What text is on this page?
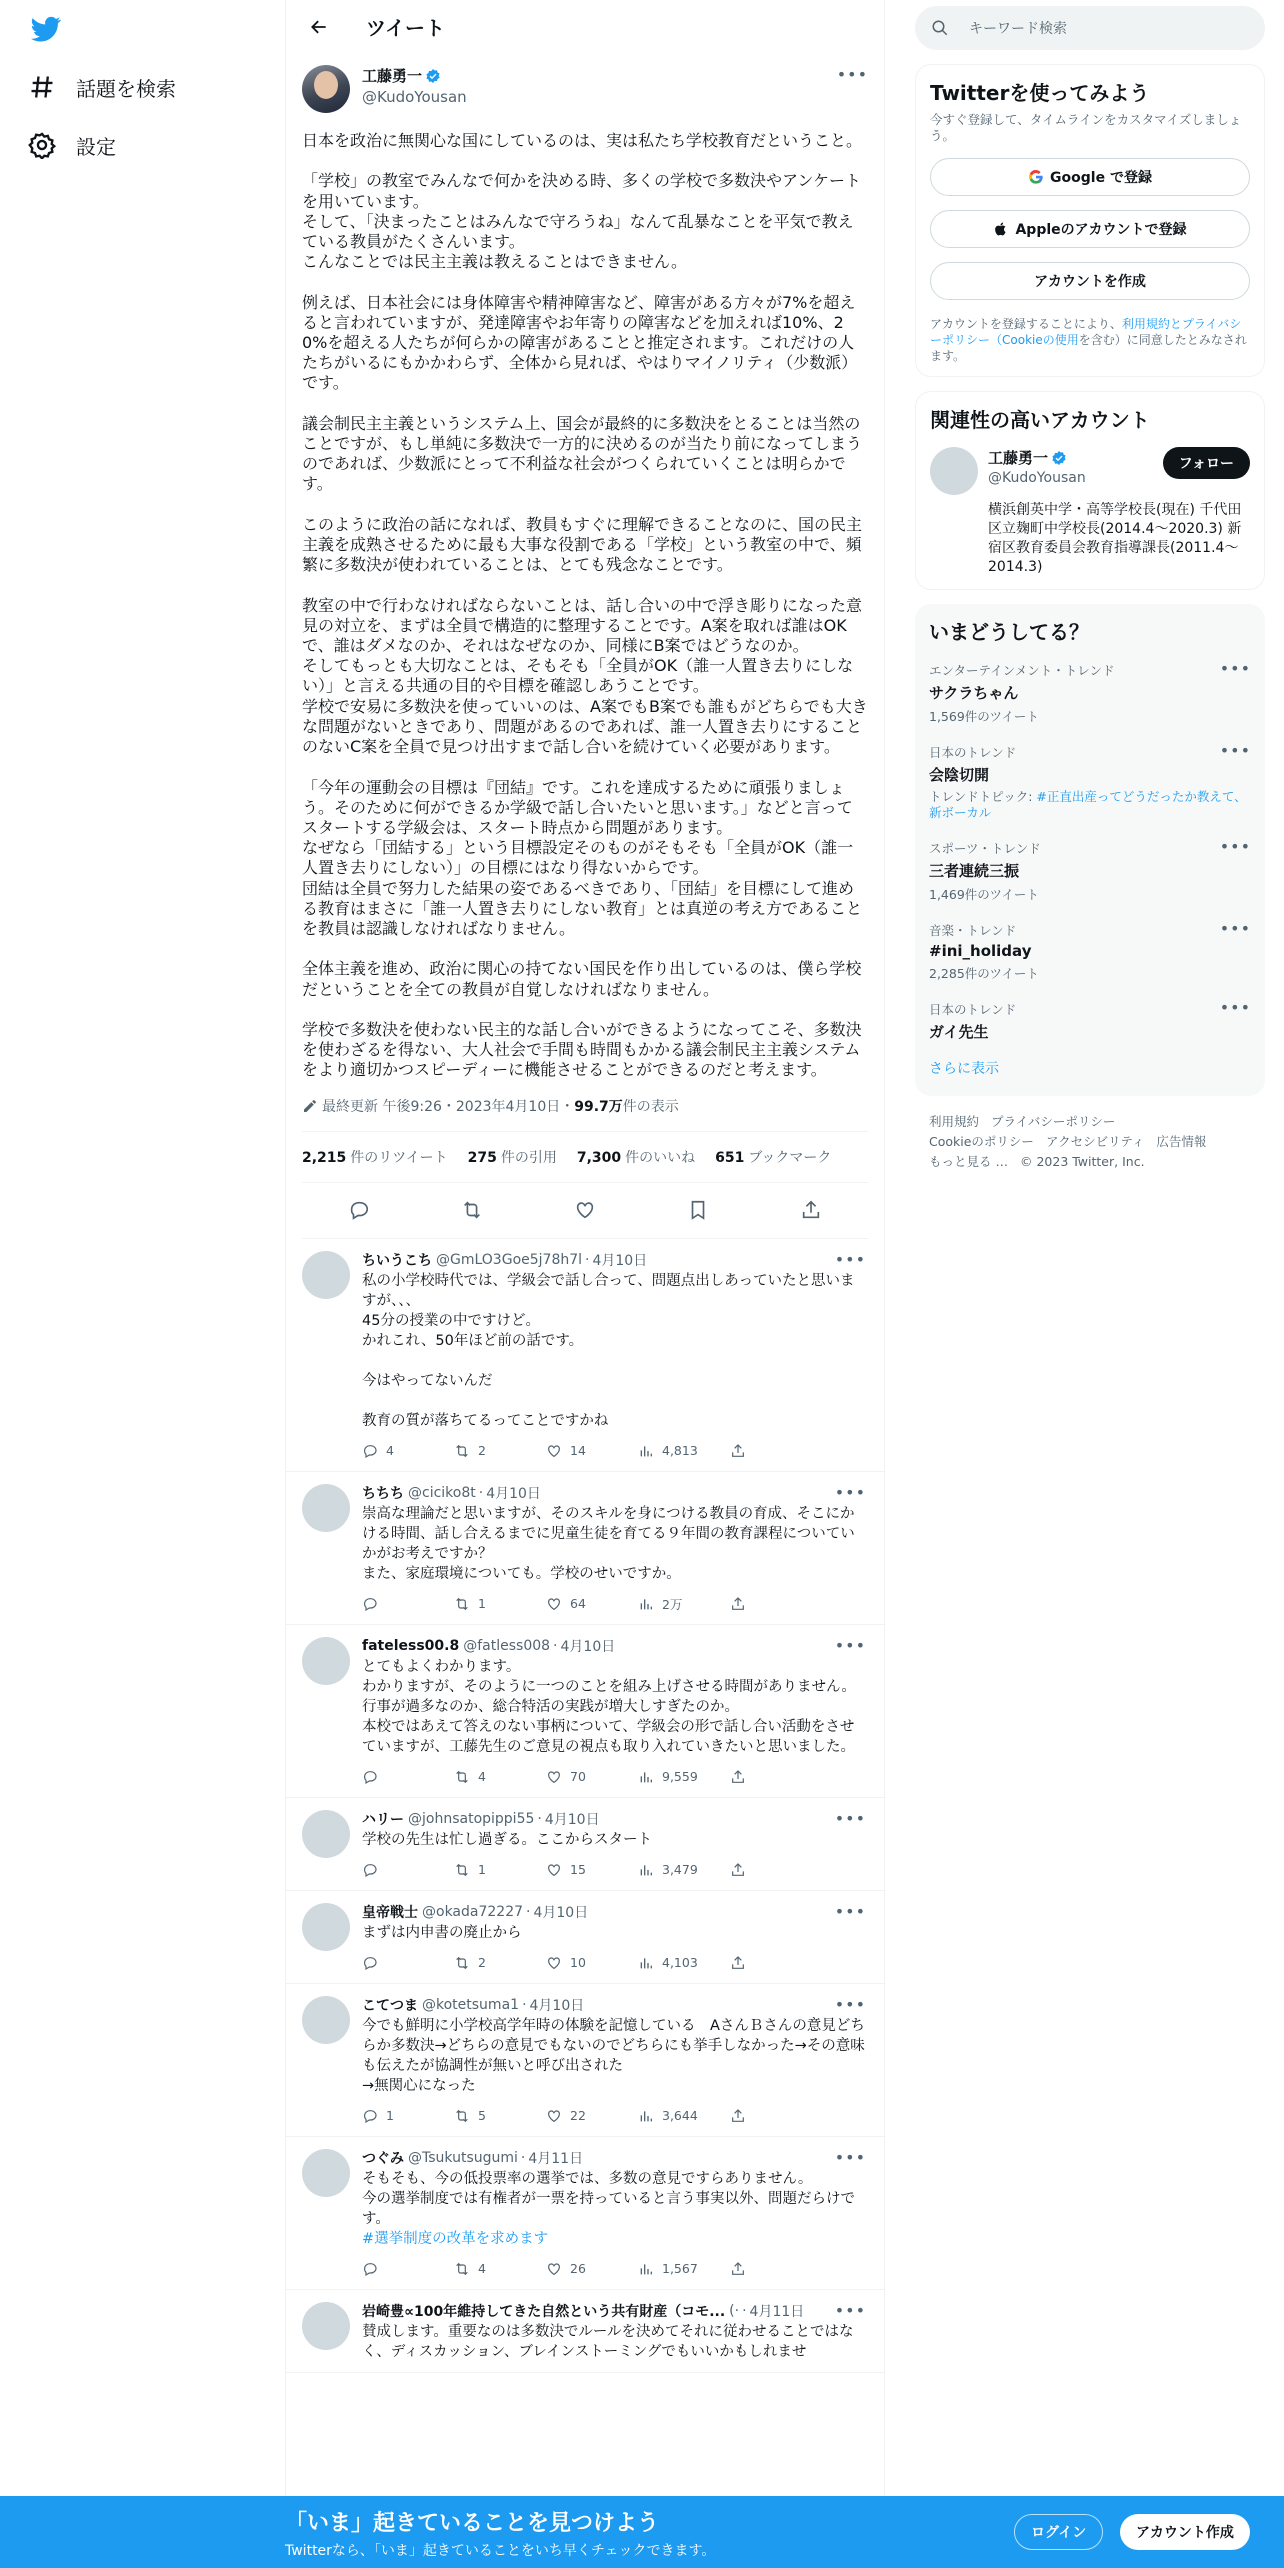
話題を検索
設定
ツイート
工藤勇一
@KudoYousan
•••
日本を政治に無関心な国にしているのは、実は私たち学校教育だということ。

「学校」の教室でみんなで何かを決める時、多くの学校で多数決やアンケートを用いています。
そして、「決まったことはみんなで守ろうね」なんて乱暴なことを平気で教えている教員がたくさんいます。
こんなことでは民主主義は教えることはできません。

例えば、日本社会には身体障害や精神障害など、障害がある方々が7%を超えると言われていますが、発達障害やお年寄りの障害などを加えれば10%、20%を超える人たちが何らかの障害があることと推定されます。これだけの人たちがいるにもかかわらず、全体から見れば、やはりマイノリティ（少数派）です。

議会制民主主義というシステム上、国会が最終的に多数決をとることは当然のことですが、もし単純に多数決で一方的に決めるのが当たり前になってしまうのであれば、少数派にとって不利益な社会がつくられていくことは明らかです。

このように政治の話になれば、教員もすぐに理解できることなのに、国の民主主義を成熟させるために最も大事な役割である「学校」という教室の中で、頻繁に多数決が使われていることは、とても残念なことです。

教室の中で行わなければならないことは、話し合いの中で浮き彫りになった意見の対立を、まずは全員で構造的に整理することです。A案を取れば誰はOKで、誰はダメなのか、それはなぜなのか、同様にB案ではどうなのか。
そしてもっとも大切なことは、そもそも「全員がOK（誰一人置き去りにしない）」と言える共通の目的や目標を確認しあうことです。
学校で安易に多数決を使っていいのは、A案でもB案でも誰もがどちらでも大きな問題がないときであり、問題があるのであれば、誰一人置き去りにすることのないC案を全員で見つけ出すまで話し合いを続けていく必要があります。

「今年の運動会の目標は『団結』です。これを達成するために頑張りましょう。そのために何ができるか学級で話し合いたいと思います。」などと言ってスタートする学級会は、スタート時点から問題があります。
なぜなら「団結する」という目標設定そのものがそもそも「全員がOK（誰一人置き去りにしない）」の目標にはなり得ないからです。
団結は全員で努力した結果の姿であるべきであり、「団結」を目標にして進める教育はまさに「誰一人置き去りにしない教育」とは真逆の考え方であることを教員は認識しなければなりません。

全体主義を進め、政治に関心の持てない国民を作り出しているのは、僕ら学校だということを全ての教員が自覚しなければなりません。

学校で多数決を使わない民主的な話し合いができるようになってこそ、多数決を使わざるを得ない、大人社会で手間も時間もかかる議会制民主主義システムをより適切かつスピーディーに機能させることができるのだと考えます。
最終更新 午後9:26・2023年4月10日・ 99.7万 件の表示
2,215 件のリツイート 275 件の引用 7,300 件のいいね 651 ブックマーク
ちいうこち @GmLO3Goe5j78h7l · 4月10日	•••
私の小学校時代では、学級会で話し合って、問題点出しあっていたと思いますが、、、
45分の授業の中ですけど。
かれこれ、50年ほど前の話です。

今はやってないんだ

教育の質が落ちてるってことですかね
4	2	14	4,813
ちちち @ciciko8t · 4月10日	•••
崇高な理論だと思いますが、そのスキルを身につける教員の育成、そこにかける時間、話し合えるまでに児童生徒を育てる９年間の教育課程についていかがお考えですか？
また、家庭環境についても。学校のせいですか。
1	64	2万
fateless00.8 @fatless008 · 4月10日	•••
とてもよくわかります。
わかりますが、そのように一つのことを組み上げさせる時間がありません。行事が過多なのか、総合特活の実践が増大しすぎたのか。
本校ではあえて答えのない事柄について、学級会の形で話し合い活動をさせていますが、工藤先生のご意見の視点も取り入れていきたいと思いました。
4	70	9,559
ハリー @johnsatopippi55 · 4月10日	•••
学校の先生は忙し過ぎる。ここからスタート
1	15	3,479
皇帝戦士 @okada72227 · 4月10日	•••
まずは内申書の廃止から
2	10	4,103
こてつま @kotetsuma1 · 4月10日	•••
今でも鮮明に小学校高学年時の体験を記憶している　AさんＢさんの意見どちらか多数決→どちらの意見でもないのでどちらにも挙手しなかった→その意味も伝えたが協調性が無いと呼び出された
→無関心になった
1	5	22	3,644
つぐみ @Tsukutsugumi · 4月11日	•••
そもそも、今の低投票率の選挙では、多数の意見ですらありません。
今の選挙制度では有権者が一票を持っていると言う事実以外、問題だらけです。
#選挙制度の改革を求めます
4	26	1,567
岩崎豊∝100年維持してきた自然という共有財産（コモ... (· · 4月11日 •••
賛成します。重要なのは多数決でルールを決めてそれに従わせることではなく、ディスカッション、ブレインストーミングでもいいかもしれませ
キーワード検索
Twitterを使ってみよう
今すぐ登録して、タイムラインをカスタマイズしましょう。
Google で登録
Appleのアカウントで登録
アカウントを作成
アカウントを登録することにより、利用規約とプライバシーポリシー（Cookieの使用を含む）に同意したとみなされます。
関連性の高いアカウント
工藤勇一
@KudoYousan
フォロー
横浜創英中学・高等学校長(現在) 千代田区立麹町中学校長(2014.4〜2020.3) 新宿区教育委員会教育指導課長(2011.4〜2014.3)
いまどうしてる？
エンターテインメント・トレンド
サクラちゃん
1,569件のツイート
•••
日本のトレンド
会陰切開
トレンドトピック: #正直出産ってどうだったか教えて、新ボーカル
•••
スポーツ・トレンド
三者連続三振
1,469件のツイート
•••
音楽・トレンド
#ini_holiday
2,285件のツイート
•••
日本のトレンド
ガイ先生
•••
さらに表示
利用規約 プライバシーポリシー
Cookieのポリシー アクセシビリティ 広告情報
もっと見る … © 2023 Twitter, Inc.
「いま」起きていることを見つけよう
Twitterなら、「いま」起きていることをいち早くチェックできます。
ログイン	アカウント作成
